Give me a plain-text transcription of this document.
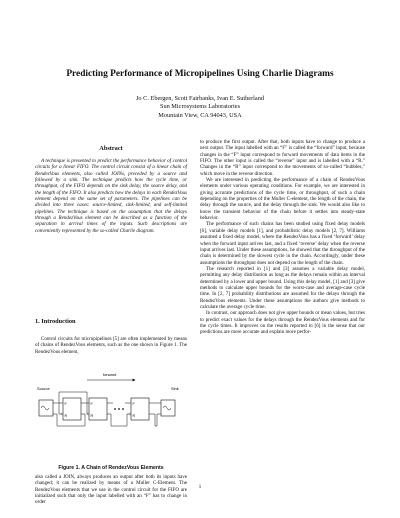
Predicting Performance of Micropipelines Using Charlie Diagrams
Jo C. Ebergen, Scott Fairbanks, Ivan E. Sutherland
Sun Microsystems Laboratories
Mountain View, CA 94043, USA
Abstract

A technique is presented to predict the performance behavior of control circuits for a linear FIFO. The control circuit consist of a linear chain of RendezVous elements, also called JOINs, preceded by a source and followed by a sink. The technique predicts how the cycle time, or throughput, of the FIFO depends on the sink delay, the source delay, and the length of the FIFO. It also predicts how the delays in each RendezVous element depend on the same set of parameters. The pipelines can be divided into three cases: source-limited, sink-limited, and self-limited pipelines. The technique is based on the assumption that the delays through a RendezVous element can be described as a function of the separation in arrival times of the inputs. Such descriptions are conveniently represented by the so-called Charlie diagram.

1. Introduction

Control circuits for micropipelines [5] are often implemented by means of chains of RendezVous elements, such as the one shown in Figure 1. The RendezVous element,

forward
Source	Sink
F
R
F
R
F
R
Figure 1. A Chain of RendezVous Elements

also called a JOIN, always produces an output after both its inputs have changed; it can be realized by means of a Muller C-Element. The RendezVous elements that we use in the control circuit for the FIFO are initialized such that only the input labelled with an “F” has to change in order

to produce the first output. After that, both inputs have to change to produce a next output. The input labelled with an “F” is called the “forward” input, because changes in the “F” input correspond to forward movements of data items in the FIFO. The other input is called the “reverse” input and is labelled with a “R.” Changes in the “R” input correspond to the movements of so-called “bubbles,” which move in the reverse direction.

We are interested in predicting the performance of a chain of RendezVous elements under various operating conditions. For example, we are interested in giving accurate predictions of the cycle time, or throughput, of such a chain depending on the properties of the Muller C-element, the length of the chain, the delay through the source, and the delay through the sink. We would also like to know the transient behavior of the chain before it settles into steady-state behavior.

The performance of such chains has been studied using fixed delay models [6], variable delay models [1], and probabilistic delay models [2, 7]. Williams assumed a fixed delay model, where the RendezVous has a fixed ‘forward’ delay when the forward input arrives last, and a fixed ‘reverse’ delay when the reverse input arrives last. Under these assumptions, he showed that the throughput of the chain is determined by the slowest cycle in the chain. Accordingly, under these assumptions the throughput does not depend on the length of the chain.

The research reported in [1] and [3] assumes a variable delay model, permitting any delay distribution as long as the delays remain within an interval determined by a lower and upper bound. Using this delay model, [1] and [3] give methods to calculate upper bounds for the worst-case and average-case cycle time. In [2, 7] probability distributions are assumed for the delays through the RendezVous elements. Under these assumptions the authors give methods to calculate the average cycle time.

In contrast, our approach does not give upper bounds or mean values, but tries to predict exact values for the delays through the RendezVous elements and for the cycle times. It improves on the results reported in [6] in the sense that our predictions are more accurate and explain more perfor-

1
